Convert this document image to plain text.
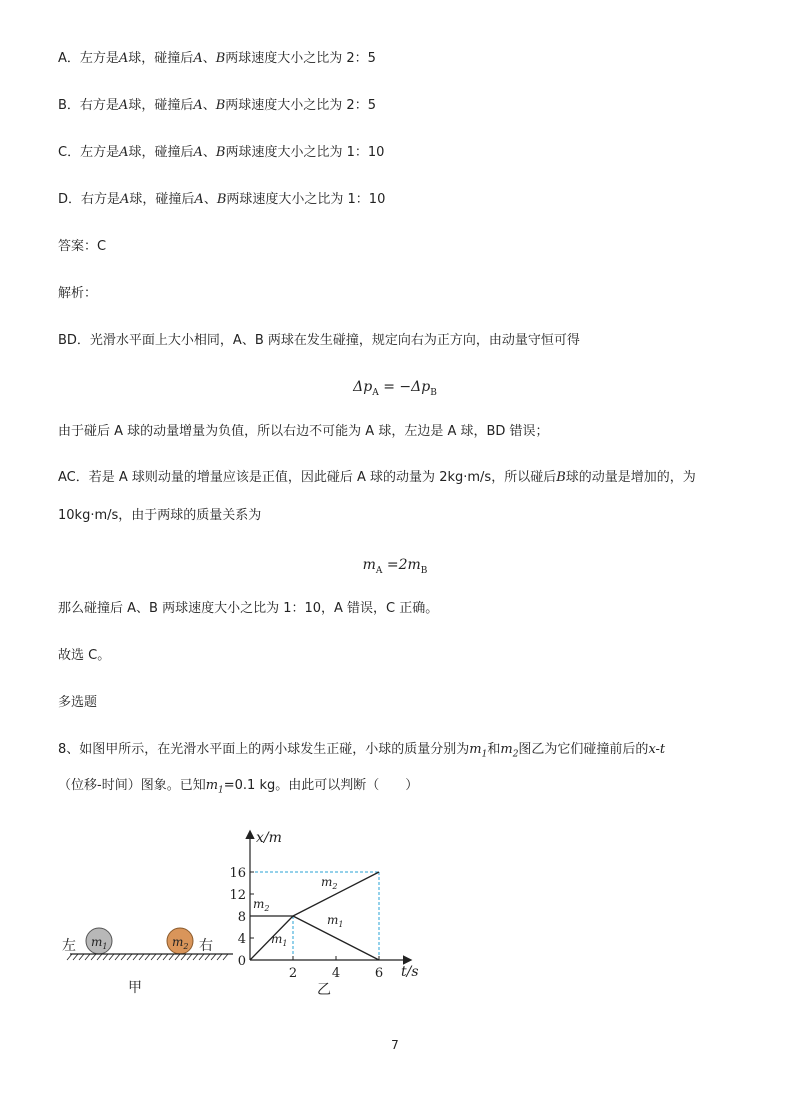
A．左方是A球，碰撞后A、B两球速度大小之比为 2：5
B．右方是A球，碰撞后A、B两球速度大小之比为 2：5
C．左方是A球，碰撞后A、B两球速度大小之比为 1：10
D．右方是A球，碰撞后A、B两球速度大小之比为 1：10
答案：C
解析：
BD．光滑水平面上大小相同，A、B 两球在发生碰撞，规定向右为正方向，由动量守恒可得
$\Delta p_A = -\Delta p_B$
由于碰后 A 球的动量增量为负值，所以右边不可能为 A 球，左边是 A 球，BD 错误；
AC．若是 A 球则动量的增量应该是正值，因此碰后 A 球的动量为 2kg·m/s，所以碰后B球的动量是增加的，为
10kg·m/s，由于两球的质量关系为
$m_A =2m_B$
那么碰撞后 A、B 两球速度大小之比为 1：10，A 错误，C 正确。
故选 C。
多选题
8、如图甲所示，在光滑水平面上的两小球发生正碰，小球的质量分别为$m_1$和$m_2$图乙为它们碰撞前后的x-t
（位移-时间）图象。已知$m_1=0.1$ kg。由此可以判断（　　）
左 $m_1$	$m_2$ 右
甲
x/m
t/s
16
12
8
4
0
2	4	6
$m_2$
$m_1$
$m_2$
$m_1$
乙
7
